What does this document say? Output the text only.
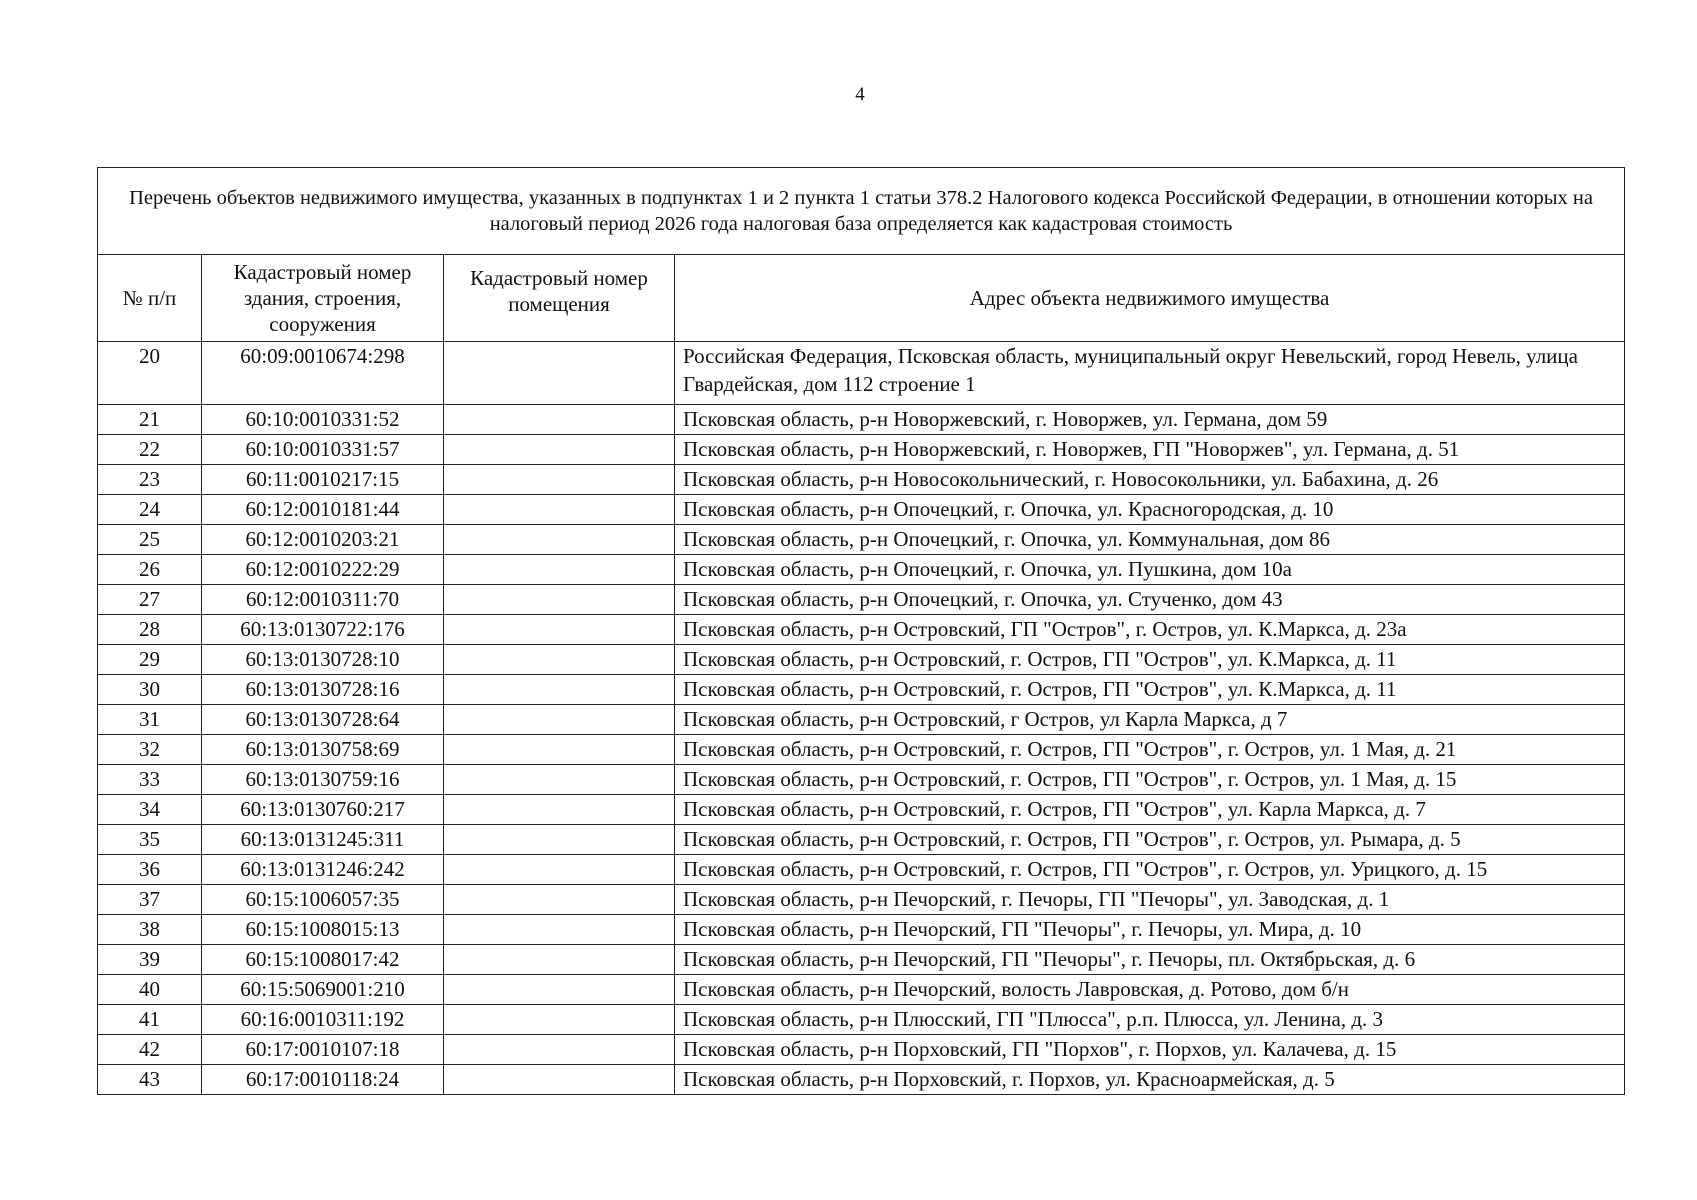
4
Перечень объектов недвижимого имущества, указанных в подпунктах 1 и 2 пункта 1 статьи 378.2 Налогового кодекса Российской Федерации, в отношении которых на налоговый период 2026 года налоговая база определяется как кадастровая стоимость			
№ п/п	Кадастровый номер здания, строения, сооружения	Кадастровый номер помещения	Адрес объекта недвижимого имущества
20	60:09:0010674:298		Российская Федерация, Псковская область, муниципальный округ Невельский, город Невель, улица Гвардейская, дом 112 строение 1
21	60:10:0010331:52		Псковская область, р-н Новоржевский, г. Новоржев, ул. Германа, дом 59
22	60:10:0010331:57		Псковская область, р-н Новоржевский, г. Новоржев, ГП "Новоржев", ул. Германа, д. 51
23	60:11:0010217:15		Псковская область, р-н Новосокольнический, г. Новосокольники, ул. Бабахина, д. 26
24	60:12:0010181:44		Псковская область, р-н Опочецкий, г. Опочка, ул. Красногородская, д. 10
25	60:12:0010203:21		Псковская область, р-н Опочецкий, г. Опочка, ул. Коммунальная, дом 86
26	60:12:0010222:29		Псковская область, р-н Опочецкий, г. Опочка, ул. Пушкина, дом 10а
27	60:12:0010311:70		Псковская область, р-н Опочецкий, г. Опочка, ул. Стученко, дом 43
28	60:13:0130722:176		Псковская область, р-н Островский, ГП "Остров", г. Остров, ул. К.Маркса, д. 23а
29	60:13:0130728:10		Псковская область, р-н Островский, г. Остров, ГП "Остров", ул. К.Маркса, д. 11
30	60:13:0130728:16		Псковская область, р-н Островский, г. Остров, ГП "Остров", ул. К.Маркса, д. 11
31	60:13:0130728:64		Псковская область, р-н Островский, г Остров, ул Карла Маркса, д 7
32	60:13:0130758:69		Псковская область, р-н Островский, г. Остров, ГП "Остров", г. Остров, ул. 1 Мая, д. 21
33	60:13:0130759:16		Псковская область, р-н Островский, г. Остров, ГП "Остров", г. Остров, ул. 1 Мая, д. 15
34	60:13:0130760:217		Псковская область, р-н Островский, г. Остров, ГП "Остров", ул. Карла Маркса, д. 7
35	60:13:0131245:311		Псковская область, р-н Островский, г. Остров, ГП "Остров", г. Остров, ул. Рымара, д. 5
36	60:13:0131246:242		Псковская область, р-н Островский, г. Остров, ГП "Остров", г. Остров, ул. Урицкого, д. 15
37	60:15:1006057:35		Псковская область, р-н Печорский, г. Печоры, ГП "Печоры", ул. Заводская, д. 1
38	60:15:1008015:13		Псковская область, р-н Печорский, ГП "Печоры", г. Печоры, ул. Мира, д. 10
39	60:15:1008017:42		Псковская область, р-н Печорский, ГП "Печоры", г. Печоры, пл. Октябрьская, д. 6
40	60:15:5069001:210		Псковская область, р-н Печорский, волость Лавровская, д. Ротово, дом б/н
41	60:16:0010311:192		Псковская область, р-н Плюсский, ГП "Плюсса", р.п. Плюсса, ул. Ленина, д. 3
42	60:17:0010107:18		Псковская область, р-н Порховский, ГП "Порхов", г. Порхов, ул. Калачева, д. 15
43	60:17:0010118:24		Псковская область, р-н Порховский, г. Порхов, ул. Красноармейская, д. 5
